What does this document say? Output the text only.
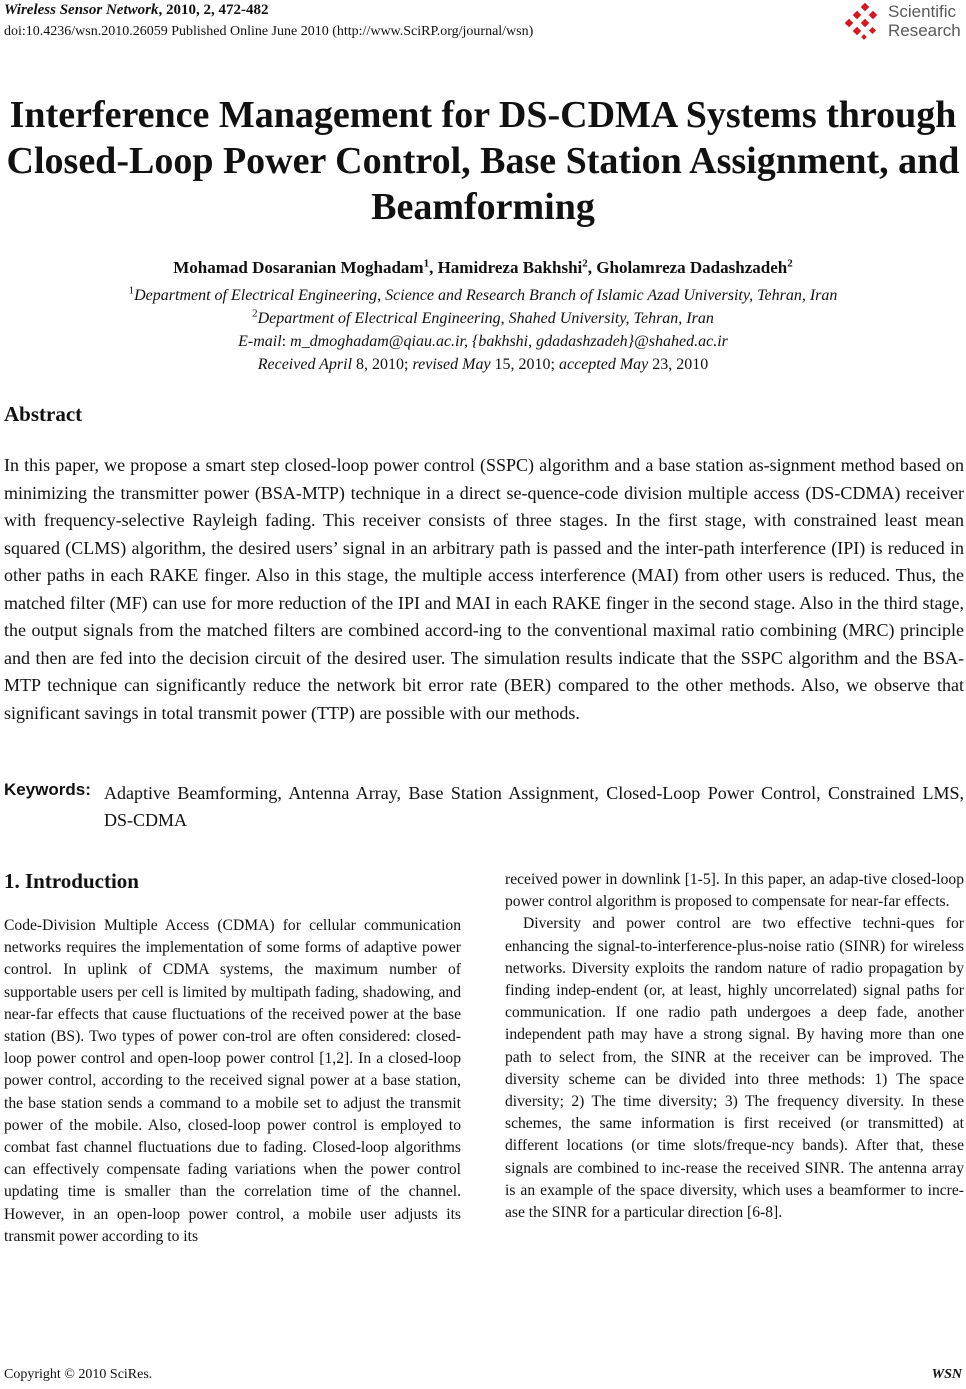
Wireless Sensor Network, 2010, 2, 472-482
doi:10.4236/wsn.2010.26059 Published Online June 2010 (http://www.SciRP.org/journal/wsn)
Scientific
Research
Interference Management for DS-CDMA Systems through
Closed-Loop Power Control, Base Station Assignment, and
Beamforming
Mohamad Dosaranian Moghadam$^1$, Hamidreza Bakhshi$^2$, Gholamreza Dadashzadeh$^2$
$^1$Department of Electrical Engineering, Science and Research Branch of Islamic Azad University, Tehran, Iran
$^2$Department of Electrical Engineering, Shahed University, Tehran, Iran
E-mail: m_dmoghadam@qiau.ac.ir, {bakhshi, gdadashzadeh}@shahed.ac.ir
Received April 8, 2010; revised May 15, 2010; accepted May 23, 2010
Abstract
In this paper, we propose a smart step closed-loop power control (SSPC) algorithm and a base station as-signment method based on minimizing the transmitter power (BSA-MTP) technique in a direct se-quence-code division multiple access (DS-CDMA) receiver with frequency-selective Rayleigh fading. This receiver consists of three stages. In the first stage, with constrained least mean squared (CLMS) algorithm, the desired users’ signal in an arbitrary path is passed and the inter-path interference (IPI) is reduced in other paths in each RAKE finger. Also in this stage, the multiple access interference (MAI) from other users is reduced. Thus, the matched filter (MF) can use for more reduction of the IPI and MAI in each RAKE finger in the second stage. Also in the third stage, the output signals from the matched filters are combined accord-ing to the conventional maximal ratio combining (MRC) principle and then are fed into the decision circuit of the desired user. The simulation results indicate that the SSPC algorithm and the BSA-MTP technique can significantly reduce the network bit error rate (BER) compared to the other methods. Also, we observe that significant savings in total transmit power (TTP) are possible with our methods.
Keywords: Adaptive Beamforming, Antenna Array, Base Station Assignment, Closed-Loop Power Control, Constrained LMS, DS-CDMA
1. Introduction

Code-Division Multiple Access (CDMA) for cellular communication networks requires the implementation of some forms of adaptive power control. In uplink of CDMA systems, the maximum number of supportable users per cell is limited by multipath fading, shadowing, and near-far effects that cause fluctuations of the received power at the base station (BS). Two types of power con-trol are often considered: closed-loop power control and open-loop power control [1,2]. In a closed-loop power control, according to the received signal power at a base station, the base station sends a command to a mobile set to adjust the transmit power of the mobile. Also, closed-loop power control is employed to combat fast channel fluctuations due to fading. Closed-loop algorithms can effectively compensate fading variations when the power control updating time is smaller than the correlation time of the channel. However, in an open-loop power control, a mobile user adjusts its transmit power according to its

received power in downlink [1-5]. In this paper, an adap-tive closed-loop power control algorithm is proposed to compensate for near-far effects.

Diversity and power control are two effective techni-ques for enhancing the signal-to-interference-plus-noise ratio (SINR) for wireless networks. Diversity exploits the random nature of radio propagation by finding indep-endent (or, at least, highly uncorrelated) signal paths for communication. If one radio path undergoes a deep fade, another independent path may have a strong signal. By having more than one path to select from, the SINR at the receiver can be improved. The diversity scheme can be divided into three methods: 1) The space diversity; 2) The time diversity; 3) The frequency diversity. In these schemes, the same information is first received (or transmitted) at different locations (or time slots/freque-ncy bands). After that, these signals are combined to inc-rease the received SINR. The antenna array is an example of the space diversity, which uses a beamformer to incre-ase the SINR for a particular direction [6-8].

Copyright © 2010 SciRes.	WSN
